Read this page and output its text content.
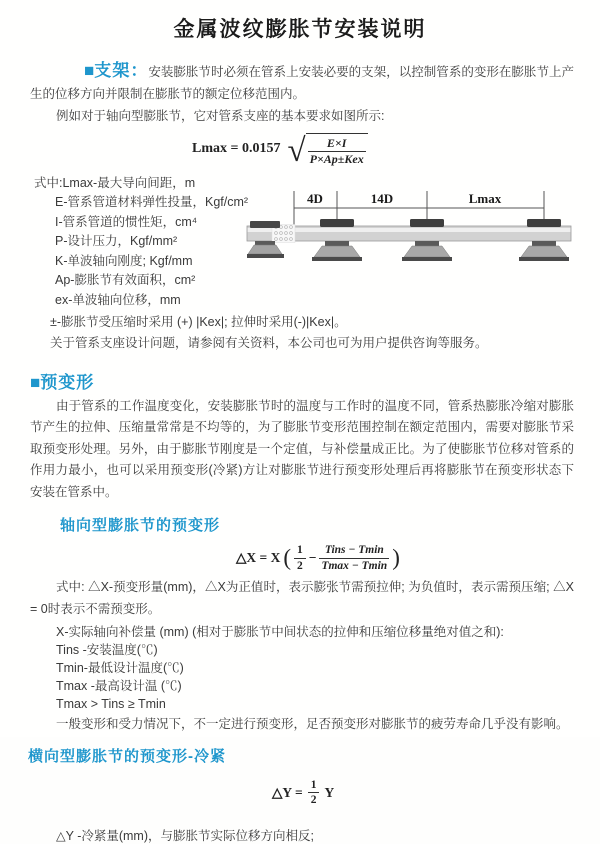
金属波纹膨胀节安装说明

■支架：安装膨胀节时必须在管系上安装必要的支架，以控制管系的变形在膨胀节上产生的位移方向并限制在膨胀节的额定位移范围内。

例如对于轴向型膨胀节，它对管系支座的基本要求如图所示:

Lmax = 0.0157 √ $\frac{E\times I}{\text{P×Ap±Kex}}$
式中:Lmax-最大导向间距，m
E-管系管道材料弹性投量，Kgf/cm²
I-管系管道的惯性矩，cm⁴
P-设计压力，Kgf/mm²
K-单波轴向刚度; Kgf/mm
Ap-膨胀节有效面积，cm²
ex-单波轴向位移，mm
±-膨胀节受压缩时采用 (+) |Kex|; 拉伸时采用(-)|Kex|。
关于管系支座设计问题，请参阅有关资料，本公司也可为用户提供咨询等服务。
4D	14D	Lmax
■预变形

由于管系的工作温度变化，安装膨胀节时的温度与工作时的温度不同，管系热膨胀冷缩对膨胀节产生的拉伸、压缩量常常是不均等的，为了膨胀节变形范围控制在额定范围内，需要对膨胀节采取预变形处理。另外，由于膨胀节刚度是一个定值，与补偿量成正比。为了使膨胀节位移对管系的作用力最小，也可以采用预变形(冷紧)方让对膨胀节进行预变形处理后再将膨胀节在预变形状态下安装在管系中。

轴向型膨胀节的预变形
△X = X ( $\frac{1}{2}$ − Tins − Tmin
Tmax − Tmin )

式中: △X-预变形量(mm)，△X为正值时，表示膨张节需预拉伸; 为负值时，表示需预压缩; △X = 0时表示不需预变形。

X-实际轴向补偿量 (mm) (相对于膨胀节中间状态的拉伸和压缩位移量绝对值之和):
Tins -安装温度(℃)
Tmin-最低设计温度(℃)
Tmax -最高设计温 (℃)
Tmax > Tins ≥ Tmin

一般变形和受力情况下，不一定进行预变形，足否预变形对膨胀节的疲劳寿命几乎没有影响。

横向型膨胀节的预变形-冷紧
△Y = $\frac{1}{2}$ Y
△Y -冷紧量(mm)，与膨胀节实际位移方向相反;
